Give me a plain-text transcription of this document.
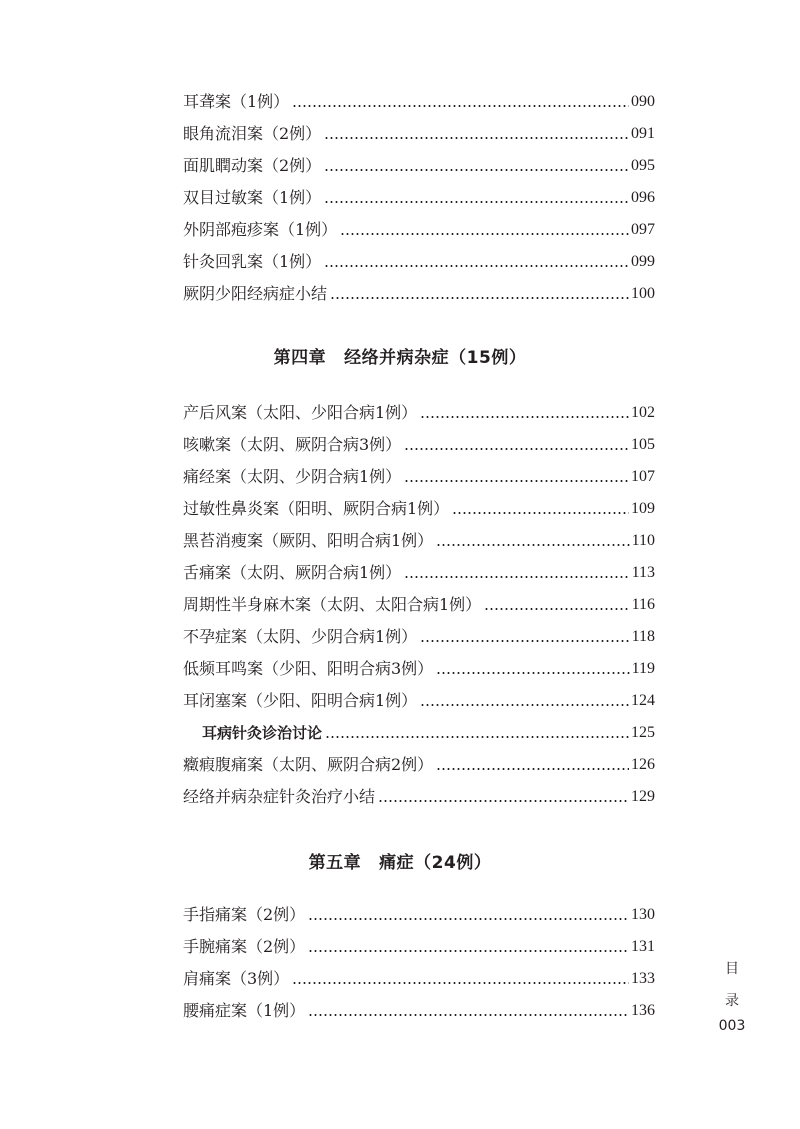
耳聋案（1例）	090
眼角流泪案（2例）	091
面肌瞤动案（2例）	095
双目过敏案（1例）	096
外阴部疱疹案（1例）	097
针灸回乳案（1例）	099
厥阴少阳经病症小结	100
第四章 经络并病杂症（15例）
产后风案（太阳、少阳合病1例）	102
咳嗽案（太阴、厥阴合病3例）	105
痛经案（太阴、少阴合病1例）	107
过敏性鼻炎案（阳明、厥阴合病1例）	109
黑苔消瘦案（厥阴、阳明合病1例）	110
舌痛案（太阴、厥阴合病1例）	113
周期性半身麻木案（太阴、太阳合病1例）	116
不孕症案（太阴、少阴合病1例）	118
低频耳鸣案（少阳、阳明合病3例）	119
耳闭塞案（少阳、阳明合病1例）	124
耳病针灸诊治讨论	125
癥瘕腹痛案（太阴、厥阴合病2例）	126
经络并病杂症针灸治疗小结	129
第五章 痛症（24例）
手指痛案（2例）	130
手腕痛案（2例）	131
肩痛案（3例）	133
腰痛症案（1例）	136
目
录
003
